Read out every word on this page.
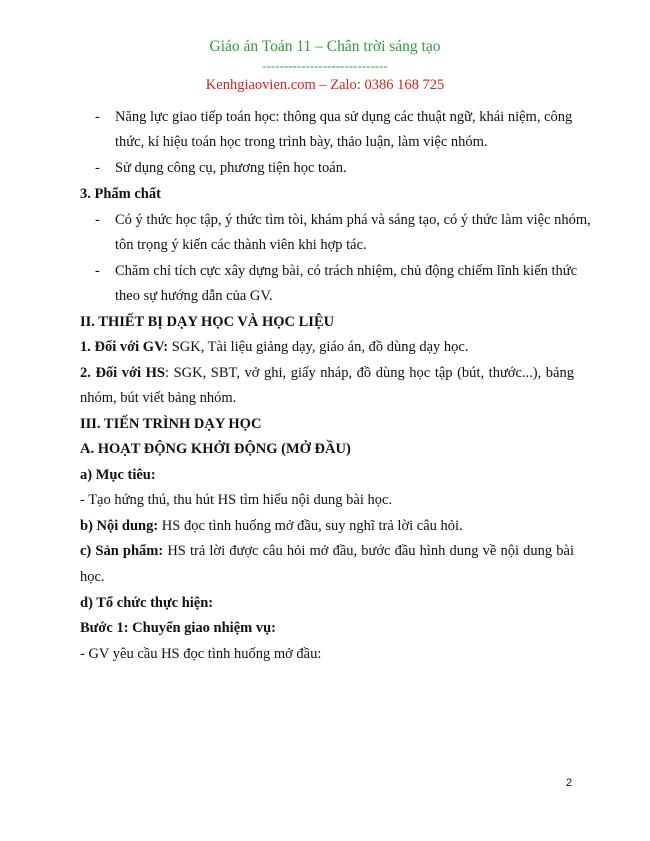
Giáo án Toán 11 – Chân trời sáng tạo
-----------------------------
Kenhgiaovien.com – Zalo: 0386 168 725
- Năng lực giao tiếp toán học: thông qua sử dụng các thuật ngữ, khái niệm, công
thức, kí hiệu toán học trong trình bày, thảo luận, làm việc nhóm.
- Sử dụng công cụ, phương tiện học toán.
3. Phẩm chất
- Có ý thức học tập, ý thức tìm tòi, khám phá và sáng tạo, có ý thức làm việc nhóm,
tôn trọng ý kiến các thành viên khi hợp tác.
- Chăm chỉ tích cực xây dựng bài, có trách nhiệm, chủ động chiếm lĩnh kiến thức
theo sự hướng dẫn của GV.
II. THIẾT BỊ DẠY HỌC VÀ HỌC LIỆU
1. Đối với GV: SGK, Tài liệu giảng dạy, giáo án, đồ dùng dạy học.
2. Đối với HS: SGK, SBT, vở ghi, giấy nháp, đồ dùng học tập (bút, thước...), bảng
nhóm, bút viết bảng nhóm.
III. TIẾN TRÌNH DẠY HỌC
A. HOẠT ĐỘNG KHỞI ĐỘNG (MỞ ĐẦU)
a) Mục tiêu:
- Tạo hứng thú, thu hút HS tìm hiểu nội dung bài học.
b) Nội dung: HS đọc tình huống mở đầu, suy nghĩ trả lời câu hỏi.
c) Sản phẩm: HS trả lời được câu hỏi mở đầu, bước đầu hình dung về nội dung bài
học.
d) Tổ chức thực hiện:
Bước 1: Chuyển giao nhiệm vụ:
- GV yêu cầu HS đọc tình huống mở đầu:
2
